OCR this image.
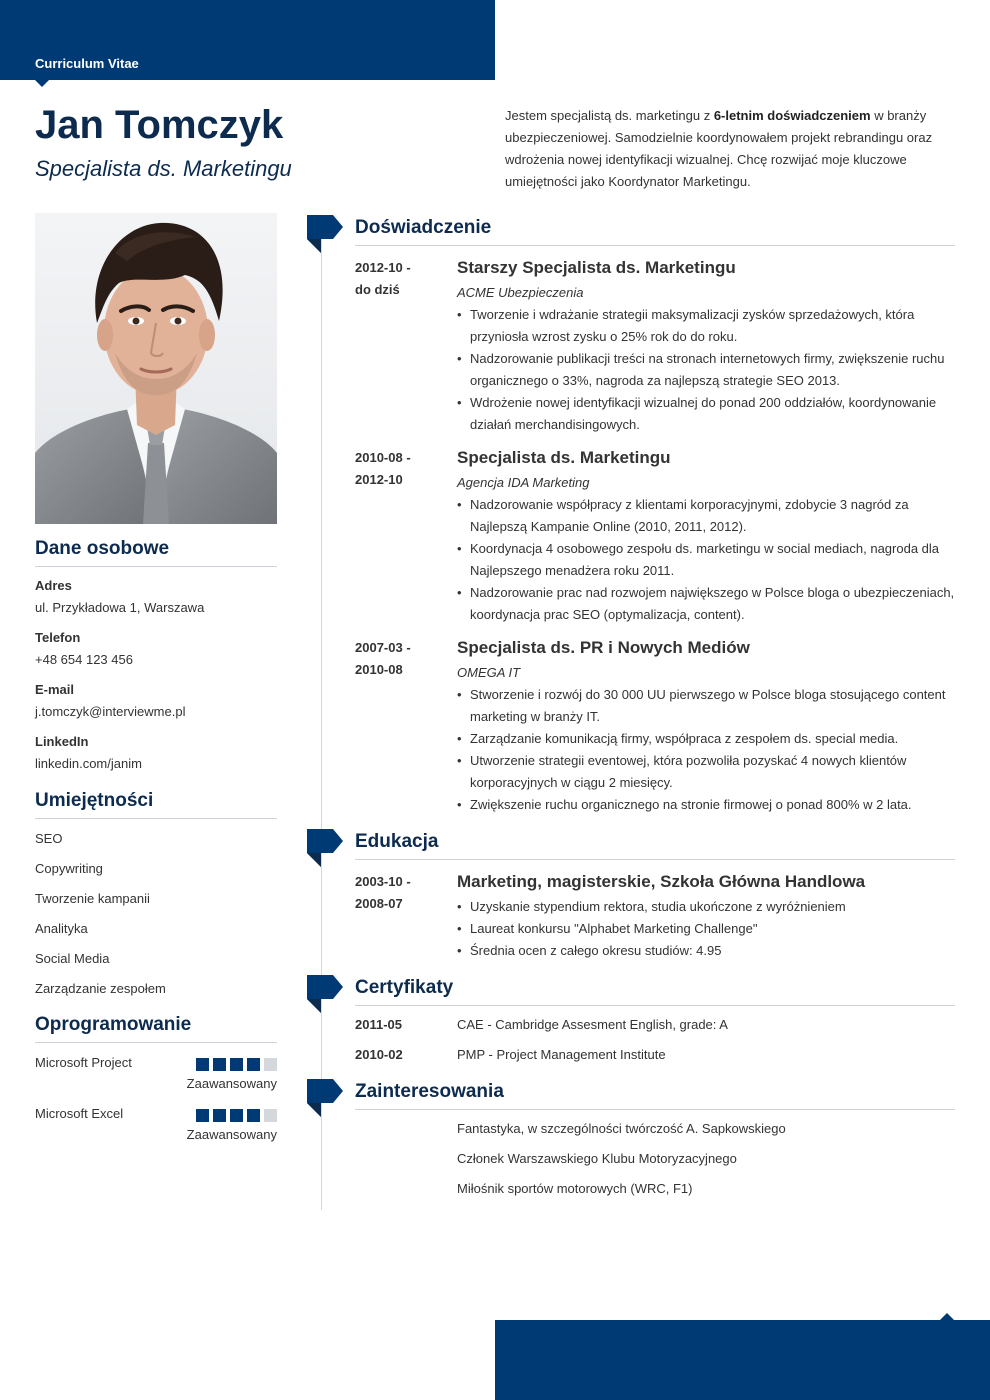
Curriculum Vitae
Jan Tomczyk
Specjalista ds. Marketingu
Jestem specjalistą ds. marketingu z 6-letnim doświadczeniem w branży ubezpieczeniowej. Samodzielnie koordynowałem projekt rebrandingu oraz wdrożenia nowej identyfikacji wizualnej. Chcę rozwijać moje kluczowe umiejętności jako Koordynator Marketingu.
Dane osobowe
Adres
ul. Przykładowa 1, Warszawa
Telefon
+48 654 123 456
E-mail
j.tomczyk@interviewme.pl
LinkedIn
linkedin.com/janim
Umiejętności
SEO
Copywriting
Tworzenie kampanii
Analityka
Social Media
Zarządzanie zespołem
Oprogramowanie
Microsoft Project
Zaawansowany
Microsoft Excel
Zaawansowany
Doświadczenie
2012-10 -
do dziś
Starszy Specjalista ds. Marketingu
ACME Ubezpieczenia
• Tworzenie i wdrażanie strategii maksymalizacji zysków sprzedażowych, która przyniosła wzrost zysku o 25% rok do do roku.
• Nadzorowanie publikacji treści na stronach internetowych firmy, zwiększenie ruchu organicznego o 33%, nagroda za najlepszą strategie SEO 2013.
• Wdrożenie nowej identyfikacji wizualnej do ponad 200 oddziałów, koordynowanie działań merchandisingowych.
2010-08 -
2012-10
Specjalista ds. Marketingu
Agencja IDA Marketing
• Nadzorowanie współpracy z klientami korporacyjnymi, zdobycie 3 nagród za Najlepszą Kampanie Online (2010, 2011, 2012).
• Koordynacja 4 osobowego zespołu ds. marketingu w social mediach, nagroda dla Najlepszego menadżera roku 2011.
• Nadzorowanie prac nad rozwojem największego w Polsce bloga o ubezpieczeniach, koordynacja prac SEO (optymalizacja, content).
2007-03 -
2010-08
Specjalista ds. PR i Nowych Mediów
OMEGA IT
• Stworzenie i rozwój do 30 000 UU pierwszego w Polsce bloga stosującego content marketing w branży IT.
• Zarządzanie komunikacją firmy, współpraca z zespołem ds. special media.
• Utworzenie strategii eventowej, która pozwoliła pozyskać 4 nowych klientów korporacyjnych w ciągu 2 miesięcy.
• Zwiększenie ruchu organicznego na stronie firmowej o ponad 800% w 2 lata.
Edukacja
2003-10 -
2008-07
Marketing, magisterskie, Szkoła Główna Handlowa
• Uzyskanie stypendium rektora, studia ukończone z wyróżnieniem
• Laureat konkursu "Alphabet Marketing Challenge"
• Średnia ocen z całego okresu studiów: 4.95
Certyfikaty
2011-05	CAE - Cambridge Assesment English, grade: A
2010-02	PMP - Project Management Institute
Zainteresowania
Fantastyka, w szczególności twórczość A. Sapkowskiego
Członek Warszawskiego Klubu Motoryzacyjnego
Miłośnik sportów motorowych (WRC, F1)
